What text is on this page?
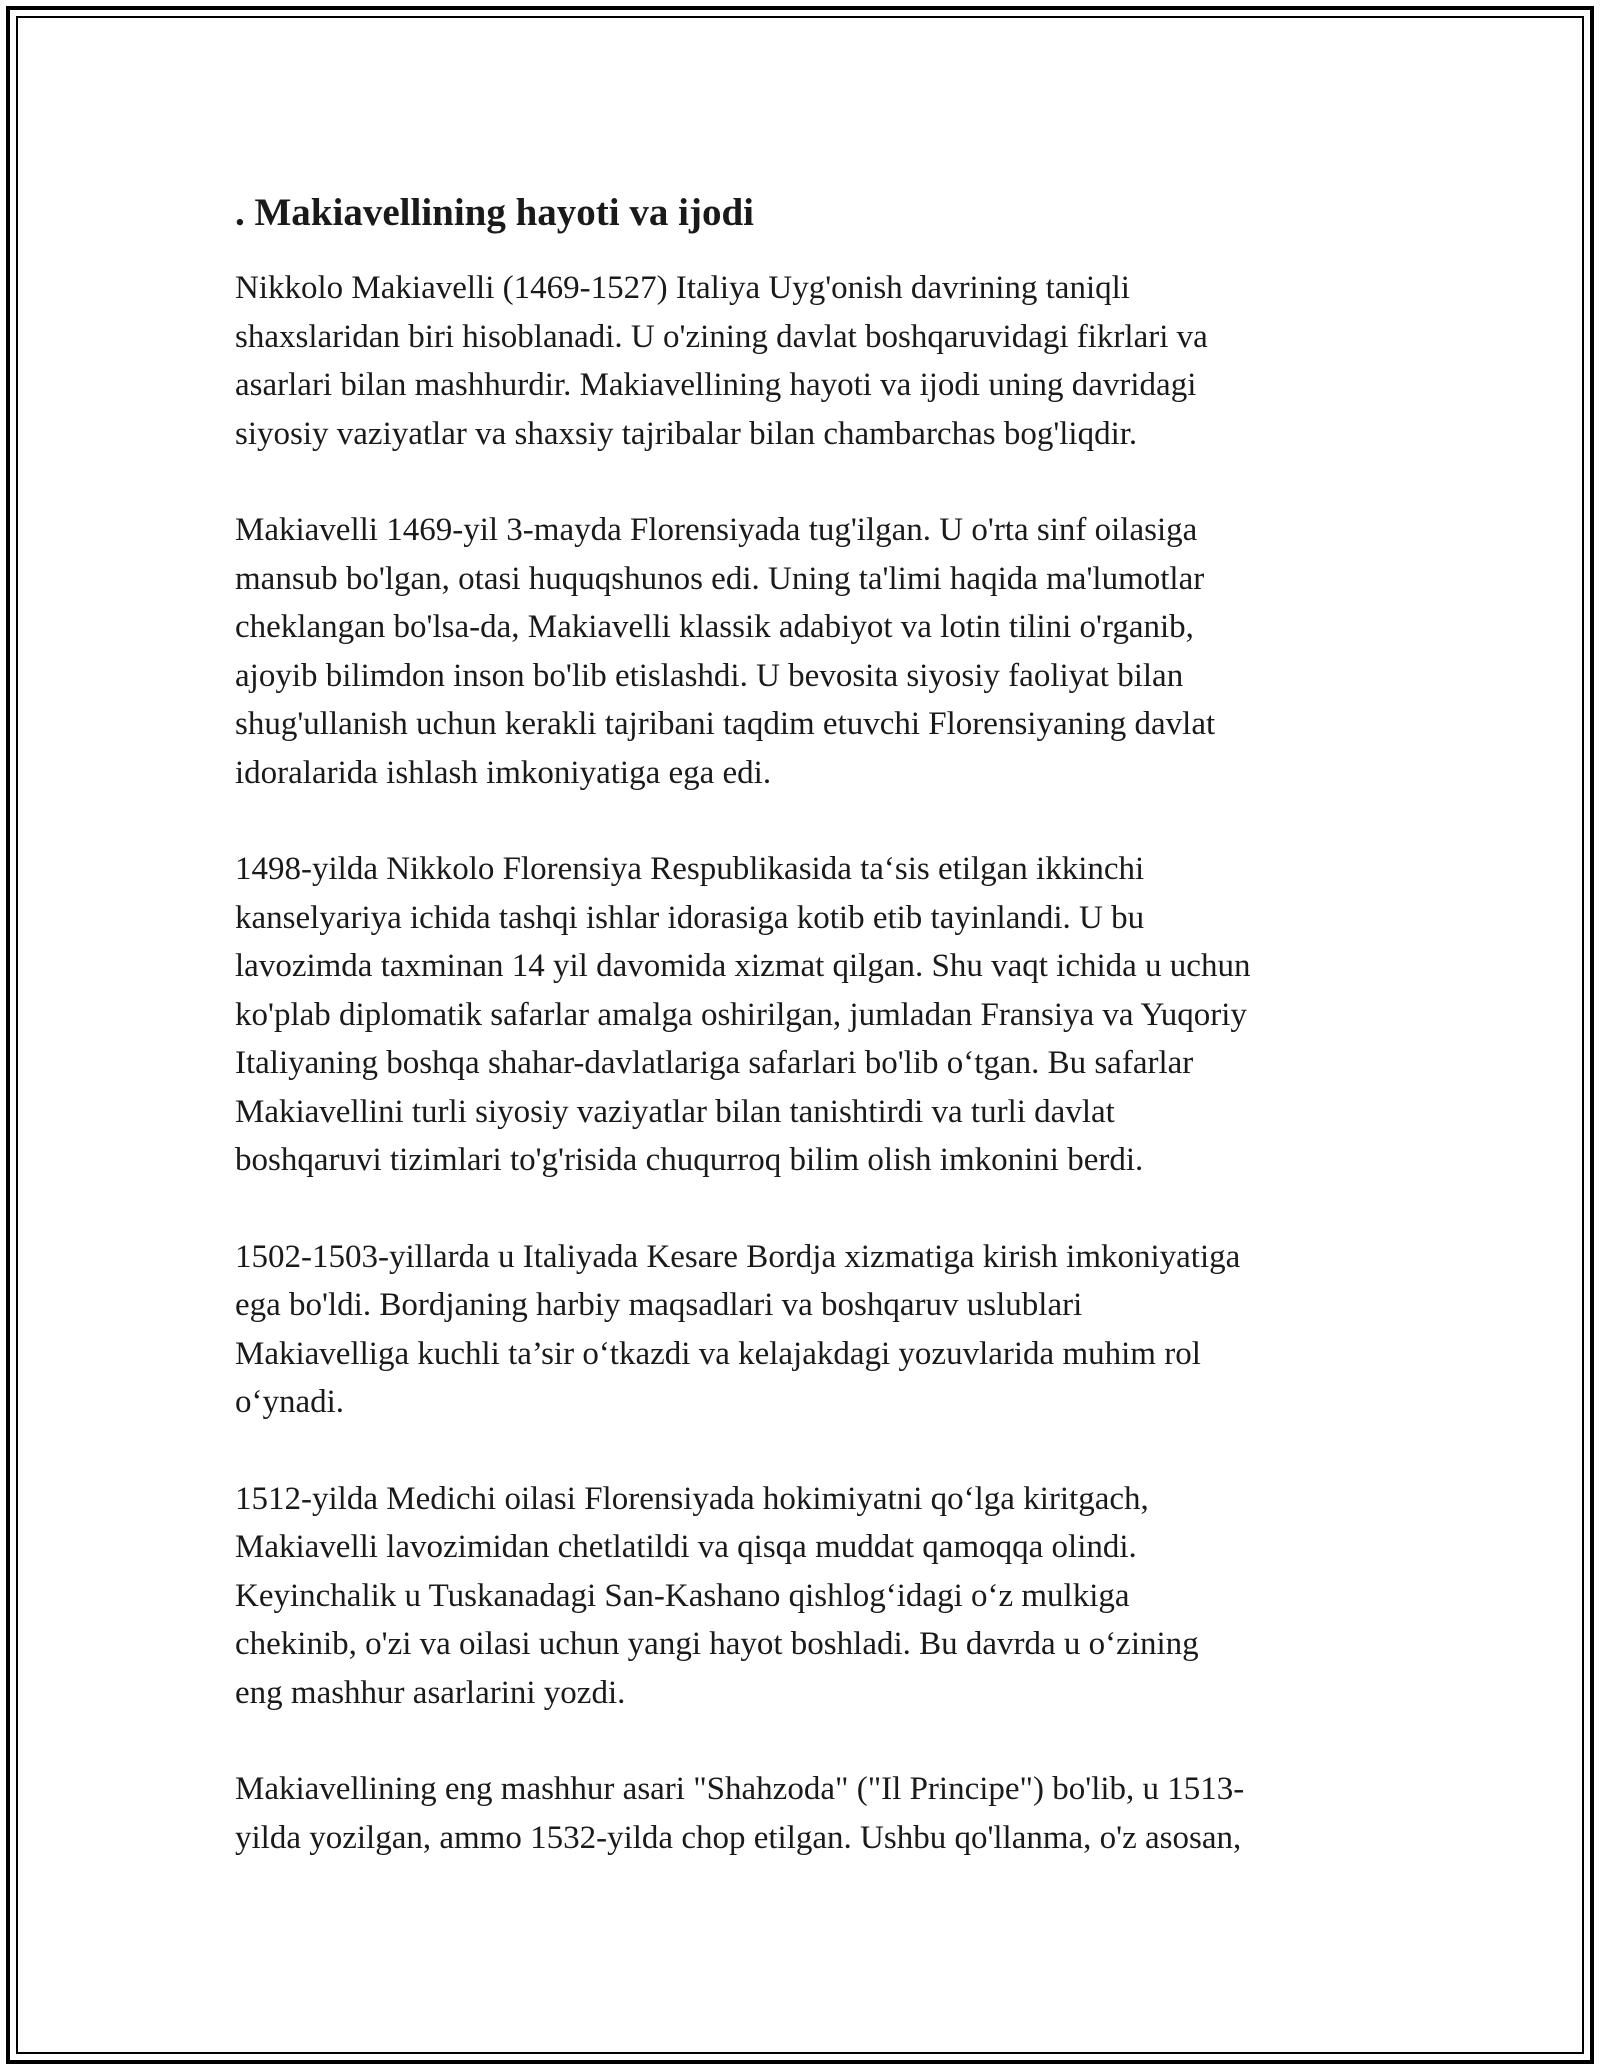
. Makiavellining hayoti va ijodi

Nikkolo Makiavelli (1469-1527) Italiya Uyg'onish davrining taniqli
shaxslaridan biri hisoblanadi. U o'zining davlat boshqaruvidagi fikrlari va
asarlari bilan mashhurdir. Makiavellining hayoti va ijodi uning davridagi
siyosiy vaziyatlar va shaxsiy tajribalar bilan chambarchas bog'liqdir.

Makiavelli 1469-yil 3-mayda Florensiyada tug'ilgan. U o'rta sinf oilasiga
mansub bo'lgan, otasi huquqshunos edi. Uning ta'limi haqida ma'lumotlar
cheklangan bo'lsa-da, Makiavelli klassik adabiyot va lotin tilini o'rganib,
ajoyib bilimdon inson bo'lib etislashdi. U bevosita siyosiy faoliyat bilan
shug'ullanish uchun kerakli tajribani taqdim etuvchi Florensiyaning davlat
idoralarida ishlash imkoniyatiga ega edi.

1498-yilda Nikkolo Florensiya Respublikasida ta‘sis etilgan ikkinchi
kanselyariya ichida tashqi ishlar idorasiga kotib etib tayinlandi. U bu
lavozimda taxminan 14 yil davomida xizmat qilgan. Shu vaqt ichida u uchun
ko'plab diplomatik safarlar amalga oshirilgan, jumladan Fransiya va Yuqoriy
Italiyaning boshqa shahar-davlatlariga safarlari bo'lib o‘tgan. Bu safarlar
Makiavellini turli siyosiy vaziyatlar bilan tanishtirdi va turli davlat
boshqaruvi tizimlari to'g'risida chuqurroq bilim olish imkonini berdi.

1502-1503-yillarda u Italiyada Kesare Bordja xizmatiga kirish imkoniyatiga
ega bo'ldi. Bordjaning harbiy maqsadlari va boshqaruv uslublari
Makiavelliga kuchli ta’sir o‘tkazdi va kelajakdagi yozuvlarida muhim rol
o‘ynadi.

1512-yilda Medichi oilasi Florensiyada hokimiyatni qo‘lga kiritgach,
Makiavelli lavozimidan chetlatildi va qisqa muddat qamoqqa olindi.
Keyinchalik u Tuskanadagi San-Kashano qishlog‘idagi o‘z mulkiga
chekinib, o'zi va oilasi uchun yangi hayot boshladi. Bu davrda u o‘zining
eng mashhur asarlarini yozdi.

Makiavellining eng mashhur asari "Shahzoda" ("Il Principe") bo'lib, u 1513-
yilda yozilgan, ammo 1532-yilda chop etilgan. Ushbu qo'llanma, o'z asosan,
